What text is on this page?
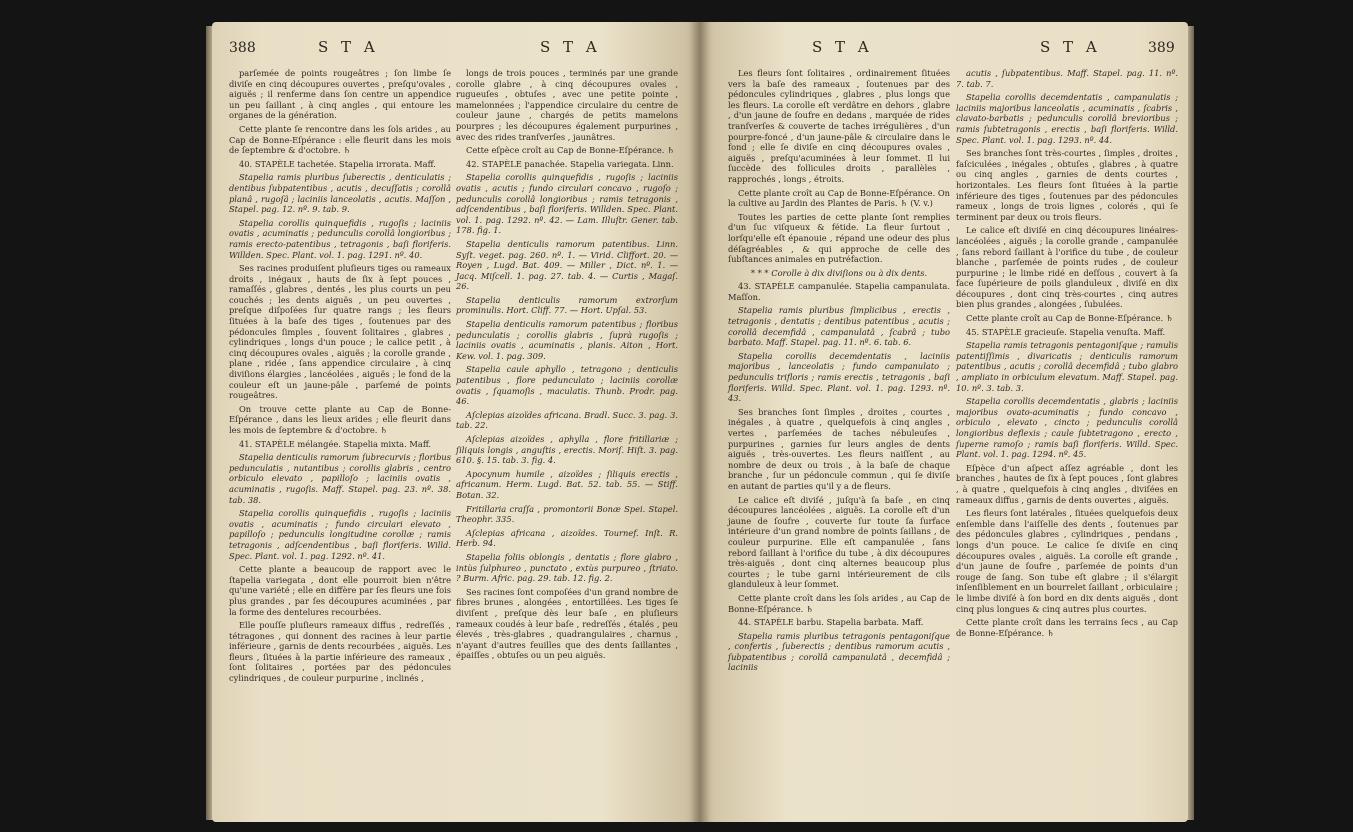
388	S T A	S T A	S T A	S T A	389

parſemée de points rougeâtres ; ſon limbe ſe diviſe en cinq découpures ouvertes , preſqu'ovales , aiguës ; il renferme dans ſon centre un appendice un peu ſaillant , à cinq angles , qui entoure les organes de la génération.

Cette plante ſe rencontre dans les ſols arides , au Cap de Bonne-Eſpérance : elle fleurit dans les mois de ſeptembre & d'octobre. ♄

40. STAPÈLE tachetée. Stapelia irrorata. Maff.

Stapelia ramis pluribus ſuberectis , denticulatis ; dentibus ſubpatentibus , acutis , decuſſatis ; corollâ planâ , rugoſâ ; laciniis lanceolatis , acutis. Maſſon , Stapel. pag. 12. nº. 9. tab. 9.

Stapelia corollis quinquefidis , rugoſis ; laciniis ovatis , acuminatis ; pedunculis corollâ longioribus ; ramis erecto-patentibus , tetragonis , baſi floriferis. Willden. Spec. Plant. vol. 1. pag. 1291. nº. 40.

Ses racines produiſent pluſieurs tiges ou rameaux droits , inégaux , hauts de ſix à ſept pouces , ramaſſés , glabres , dentés , les plus courts un peu couchés ; les dents aiguës , un peu ouvertes , preſque diſpoſées ſur quatre rangs ; les fleurs ſituées à la baſe des tiges , ſoutenues par des pédoncules ſimples , ſouvent ſolitaires , glabres , cylindriques , longs d'un pouce ; le calice petit , à cinq découpures ovales , aiguës ; la corolle grande , plane , ridée , ſans appendice circulaire , à cinq diviſions élargies , lancéolées , aiguës ; le fond de la couleur eſt un jaune-pâle , parſemé de points rougeâtres.

On trouve cette plante au Cap de Bonne-Eſpérance , dans les lieux arides ; elle fleurit dans les mois de ſeptembre & d'octobre. ♄

41. STAPÈLE mélangée. Stapelia mixta. Maff.

Stapelia denticulis ramorum ſubrecurvis ; floribus pedunculatis , nutantibus ; corollis glabris , centro orbiculo elevato , papilloſo ; laciniis ovatis , acuminatis , rugoſis. Maff. Stapel. pag. 23. nº. 38. tab. 38.

Stapelia corollis quinquefidis , rugoſis ; laciniis ovatis , acuminatis ; fundo circulari elevato , papilloſo ; pedunculis longitudine corollæ ; ramis tetragonis , adſcendentibus , baſi floriferis. Willd. Spec. Plant. vol. 1. pag. 1292. nº. 41.

Cette plante a beaucoup de rapport avec le ſtapelia variegata , dont elle pourroit bien n'être qu'une variété ; elle en diffère par ſes fleurs une fois plus grandes , par ſes découpures acuminées , par la forme des dentelures recourbées.

Elle pouſſe pluſieurs rameaux diffus , redreſſés , tétragones , qui donnent des racines à leur partie inférieure , garnis de dents recourbées , aiguës. Les fleurs , ſituées à la partie inférieure des rameaux , ſont ſolitaires , portées par des pédoncules cylindriques , de couleur purpurine , inclinés ,

longs de trois pouces , terminés par une grande corolle glabre , à cinq découpures ovales , rugueuſes , obtuſes , avec une petite pointe , mamelonnées ; l'appendice circulaire du centre de couleur jaune , chargés de petits mamelons pourpres ; les découpures également purpurines , avec des rides tranſverſes , jaunâtres.

Cette eſpèce croît au Cap de Bonne-Eſpérance. ♄

42. STAPÈLE panachée. Stapelia variegata. Linn.

Stapelia corollis quinquefidis , rugoſis ; laciniis ovatis , acutis ; fundo circulari concavo , rugoſo ; pedunculis corollâ longioribus ; ramis tetragonis , adſcendentibus , baſi floriferis. Willden. Spec. Plant. vol. 1. pag. 1292. nº. 42. — Lam. Illuſtr. Gener. tab. 178. fig. 1.

Stapelia denticulis ramorum patentibus. Linn. Syſt. veget. pag. 260. nº. 1. — Virid. Cliffort. 20. — Royen , Lugd. Bat. 409. — Miller , Dict. nº. 1. — Jacq. Miſcell. 1. pag. 27. tab. 4. — Curtis , Magaſ. 26.

Stapelia denticulis ramorum extrorſum prominulis. Hort. Cliff. 77. — Hort. Upſal. 53.

Stapelia denticulis ramorum patentibus ; floribus pedunculatis ; corollis glabris , ſuprà rugoſis ; laciniis ovatis , acuminatis , planis. Aiton , Hort. Kew. vol. 1. pag. 309.

Stapelia caule aphyllo , tetragono ; denticulis patentibus , flore pedunculato ; laciniis corollæ ovatis , ſquamoſis , maculatis. Thunb. Prodr. pag. 46.

Aſclepias aizoïdes africana. Bradl. Succ. 3. pag. 3. tab. 22.

Aſclepias aizoïdes , aphylla , flore fritillariæ ; ſiliquis longis , anguſtis , erectis. Moriſ. Hiſt. 3. pag. 610. §. 15. tab. 3. fig. 4.

Apocynum humile , aizoïdes ; ſiliquis erectis , africanum. Herm. Lugd. Bat. 52. tab. 55. — Stiff. Botan. 32.

Fritillaria craſſa , promontorii Bonæ Spei. Stapel. Theophr. 335.

Aſclepias africana , aizoïdes. Tournef. Inſt. R. Herb. 94.

Stapelia foliis oblongis , dentatis ; flore glabro , intùs ſulphureo , punctato , extùs purpureo , ſtriato. ? Burm. Afric. pag. 29. tab. 12. fig. 2.

Ses racines ſont compoſées d'un grand nombre de fibres brunes , alongées , entortillées. Les tiges ſe diviſent , preſque dès leur baſe , en pluſieurs rameaux coudés à leur baſe , redreſſés , étalés , peu élevés , très-glabres , quadrangulaires , charnus , n'ayant d'autres feuilles que des dents ſaillantes , épaiſſes , obtuſes ou un peu aiguës.

Les fleurs ſont ſolitaires , ordinairement ſituées vers la baſe des rameaux , ſoutenues par des pédoncules cylindriques , glabres , plus longs que les fleurs. La corolle eſt verdâtre en dehors , glabre , d'un jaune de ſoufre en dedans , marquée de rides tranſverſes & couverte de taches irrégulières , d'un pourpre-foncé , d'un jaune-pâle & circulaire dans le fond ; elle ſe diviſe en cinq découpures ovales , aiguës , preſqu'acuminées à leur ſommet. Il lui ſuccède des follicules droits , parallèles , rapprochés , longs , étroits.

Cette plante croît au Cap de Bonne-Eſpérance. On la cultive au Jardin des Plantes de Paris. ♄ (V. v.)

Toutes les parties de cette plante ſont remplies d'un ſuc viſqueux & fétide. La fleur ſurtout , lorſqu'elle eſt épanouie , répand une odeur des plus déſagréables , & qui approche de celle des ſubſtances animales en putréfaction.

* * * Corolle à dix diviſions ou à dix dents.

43. STAPÈLE campanulée. Stapelia campanulata. Maſſon.

Stapelia ramis pluribus ſimplicibus , erectis , tetragonis , dentatis ; dentibus patentibus , acutis ; corollâ decemfidâ , campanulatâ , ſcabrâ ; tubo barbato. Maff. Stapel. pag. 11. nº. 6. tab. 6.

Stapelia corollis decemdentatis , laciniis majoribus , lanceolatis ; fundo campanulato ; pedunculis trifloris ; ramis erectis , tetragonis , baſi floriferis. Willd. Spec. Plant. vol. 1. pag. 1293. nº. 43.

Ses branches ſont ſimples , droites , courtes , inégales , à quatre , quelquefois à cinq angles , vertes , parſemées de taches nébuleuſes , purpurines , garnies ſur leurs angles de dents aiguës , très-ouvertes. Les fleurs naiſſent , au nombre de deux ou trois , à la baſe de chaque branche , ſur un pédoncule commun , qui ſe diviſe en autant de parties qu'il y a de fleurs.

Le calice eſt diviſé , juſqu'à ſa baſe , en cinq découpures lancéolées , aiguës. La corolle eſt d'un jaune de ſoufre , couverte ſur toute ſa ſurface intérieure d'un grand nombre de points ſaillans , de couleur purpurine. Elle eſt campanulée , ſans rebord ſaillant à l'orifice du tube , à dix découpures très-aiguës , dont cinq alternes beaucoup plus courtes ; le tube garni intérieurement de cils glanduleux à leur ſommet.

Cette plante croît dans les ſols arides , au Cap de Bonne-Eſpérance. ♄

44. STAPÈLE barbu. Stapelia barbata. Maff.

Stapelia ramis pluribus tetragonis pentagoniſque , confertis , ſuberectis ; dentibus ramorum acutis , ſubpatentibus ; corollâ campanulatâ , decemfidâ ; laciniis

acutis , ſubpatentibus. Maff. Stapel. pag. 11. nº. 7. tab. 7.

Stapelia corollis decemdentatis , campanulatis ; laciniis majoribus lanceolatis , acuminatis , ſcabris , clavato-barbatis ; pedunculis corollâ brevioribus ; ramis ſubtetragonis , erectis , baſi floriferis. Willd. Spec. Plant. vol. 1. pag. 1293. nº. 44.

Ses branches ſont très-courtes , ſimples , droites , faſciculées , inégales , obtuſes , glabres , à quatre ou cinq angles , garnies de dents courtes , horizontales. Les fleurs ſont ſituées à la partie inférieure des tiges , ſoutenues par des pédoncules rameux , longs de trois lignes , colorés , qui ſe terminent par deux ou trois fleurs.

Le calice eſt diviſé en cinq découpures linéaires-lancéolées , aiguës ; la corolle grande , campanulée , ſans rebord ſaillant à l'orifice du tube , de couleur blanche , parſemée de points rudes , de couleur purpurine ; le limbe ridé en deſſous , couvert à ſa face ſupérieure de poils glanduleux , diviſé en dix découpures , dont cinq très-courtes , cinq autres bien plus grandes , alongées , ſubulées.

Cette plante croît au Cap de Bonne-Eſpérance. ♄

45. STAPÈLE gracieuſe. Stapelia venuſta. Maff.

Stapelia ramis tetragonis pentagoniſque ; ramulis patentiſſimis , divaricatis ; denticulis ramorum patentibus , acutis ; corollâ decemfidâ ; tubo glabro , ampliato in orbiculum elevatum. Maff. Stapel. pag. 10. nº. 3. tab. 3.

Stapelia corollis decemdentatis , glabris ; laciniis majoribus ovato-acuminatis ; fundo concavo , orbiculo , elevato , cincto ; pedunculis corollâ longioribus deflexis ; caule ſubtetragono , erecto , ſuperne ramoſo ; ramis baſi floriferis. Willd. Spec. Plant. vol. 1. pag. 1294. nº. 45.

Eſpèce d'un aſpect aſſez agréable , dont les branches , hautes de ſix à ſept pouces , ſont glabres , à quatre , quelquefois à cinq angles , diviſées en rameaux diffus , garnis de dents ouvertes , aiguës.

Les fleurs ſont latérales , ſituées quelquefois deux enſemble dans l'aiſſelle des dents , ſoutenues par des pédoncules glabres , cylindriques , pendans , longs d'un pouce. Le calice ſe diviſe en cinq découpures ovales , aiguës. La corolle eſt grande , d'un jaune de ſoufre , parſemée de points d'un rouge de ſang. Son tube eſt glabre ; il s'élargit inſenſiblement en un bourrelet ſaillant , orbiculaire ; le limbe diviſé à ſon bord en dix dents aiguës , dont cinq plus longues & cinq autres plus courtes.

Cette plante croît dans les terrains ſecs , au Cap de Bonne-Eſpérance. ♄
